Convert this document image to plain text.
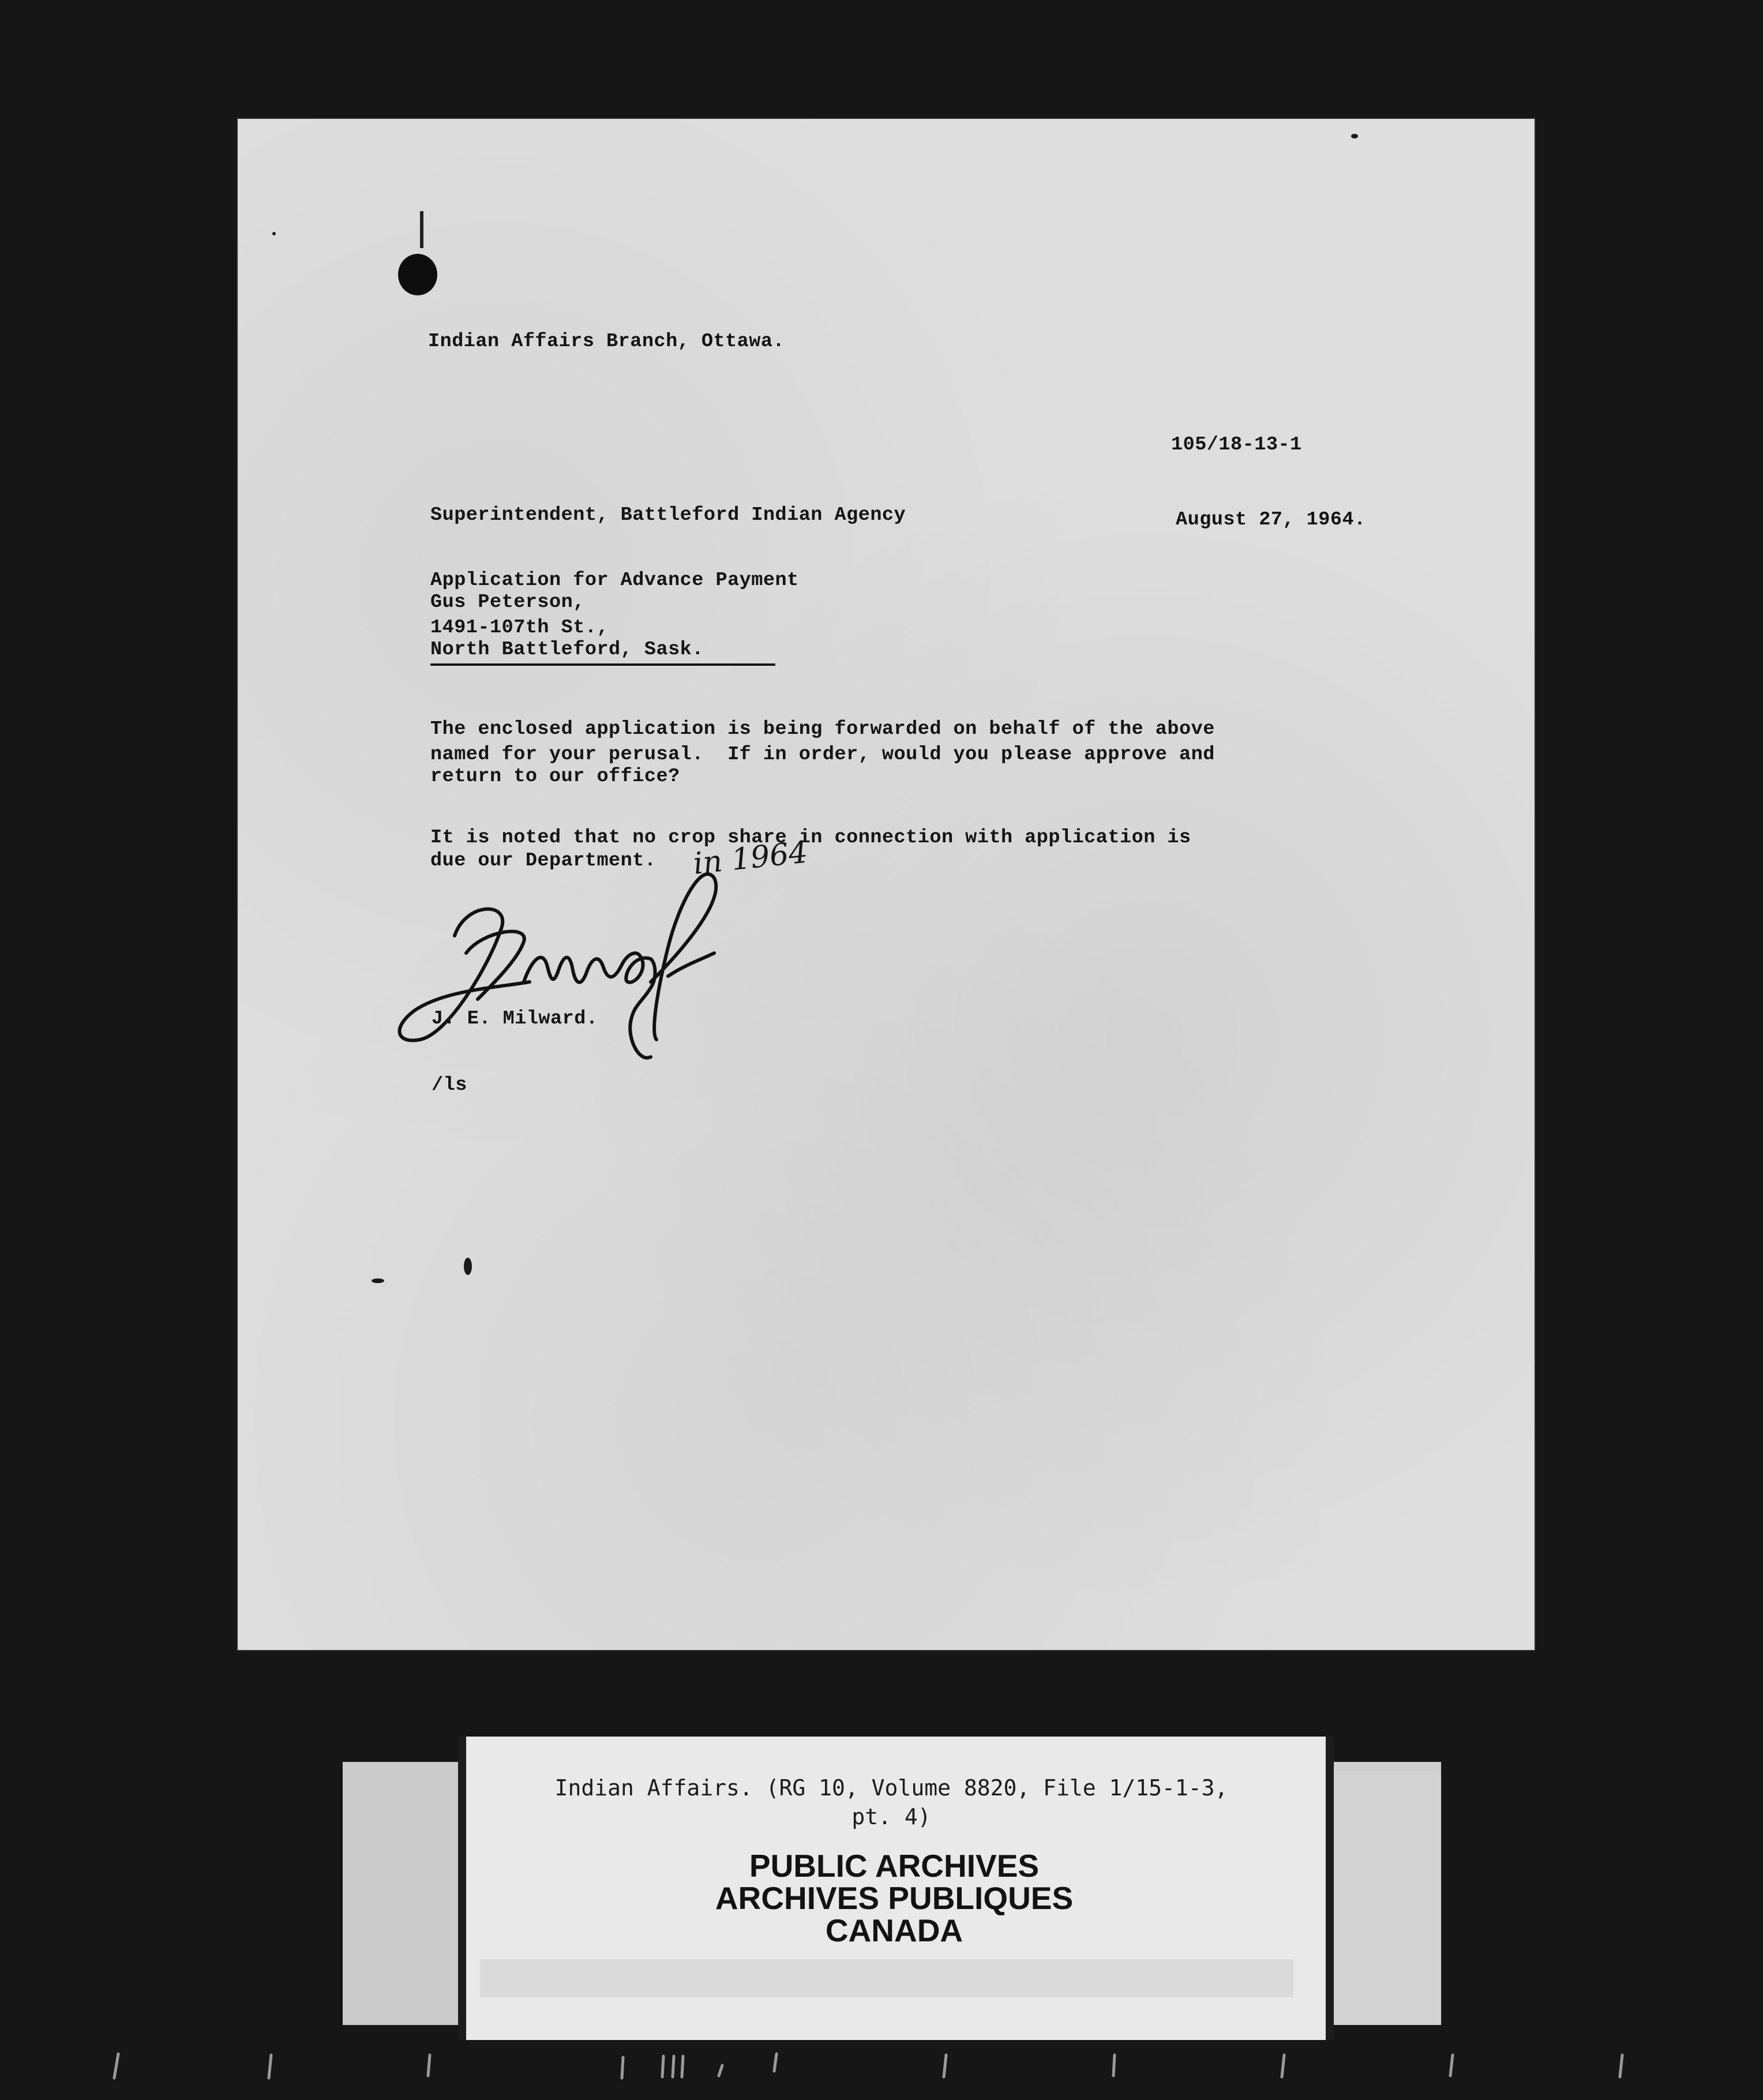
Indian Affairs Branch, Ottawa.

105/18-13-1

Superintendent, Battleford Indian Agency	August 27, 1964.

Application for Advance Payment

Gus Peterson,

1491-107th St.,

North Battleford, Sask.

The enclosed application is being forwarded on behalf of the above

named for your perusal.  If in order, would you please approve and

return to our office?

It is noted that no crop share in connection with application is

due our Department. in 1964

J. E. Milward.

/ls

Indian Affairs. (RG 10, Volume 8820, File 1/15-1-3,
pt. 4)
PUBLIC ARCHIVES
ARCHIVES PUBLIQUES
CANADA
